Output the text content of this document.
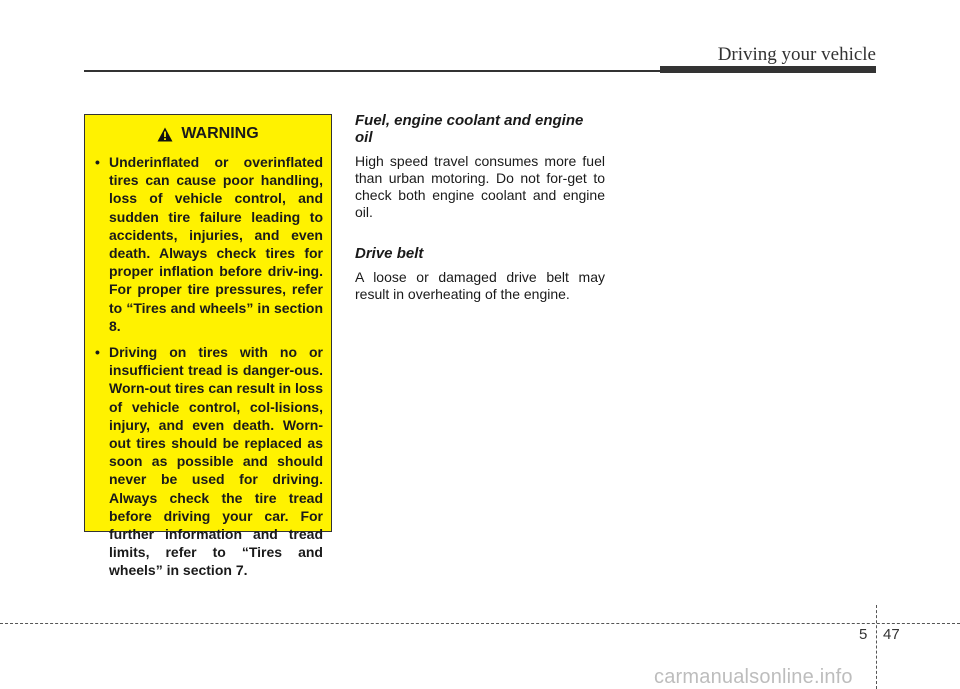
Driving your vehicle
WARNING
• Underinflated or overinflated tires can cause poor handling, loss of vehicle control, and sudden tire failure leading to accidents, injuries, and even death. Always check tires for proper inflation before driv-ing. For proper tire pressures, refer to “Tires and wheels” in section 8.
• Driving on tires with no or insufficient tread is danger-ous. Worn-out tires can result in loss of vehicle control, col-lisions, injury, and even death. Worn-out tires should be replaced as soon as possible and should never be used for driving. Always check the tire tread before driving your car. For further information and tread limits, refer to “Tires and wheels” in section 7.
Fuel, engine coolant and engine oil

High speed travel consumes more fuel than urban motoring. Do not for-get to check both engine coolant and engine oil.

Drive belt

A loose or damaged drive belt may result in overheating of the engine.

5 47
carmanualsonline.info
